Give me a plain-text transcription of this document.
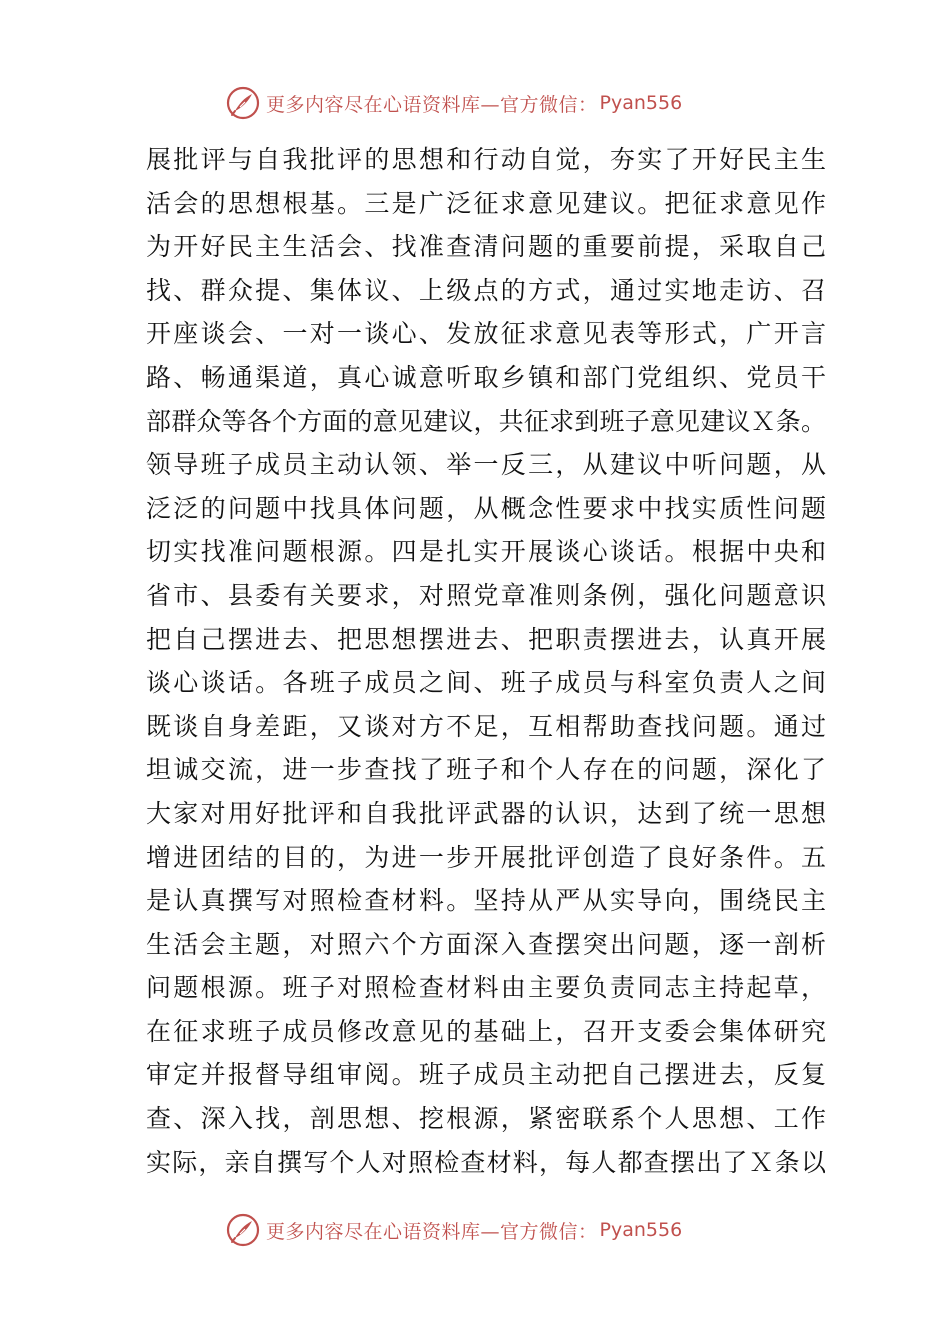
更多内容尽在心语资料库—官方微信： Pyan556
展批评与自我批评的思想和行动自觉，夯实了开好民主生
活会的思想根基。三是广泛征求意见建议。把征求意见作
为开好民主生活会、找准查清问题的重要前提，采取自己
找、群众提、集体议、上级点的方式，通过实地走访、召
开座谈会、一对一谈心、发放征求意见表等形式，广开言
路、畅通渠道，真心诚意听取乡镇和部门党组织、党员干
部群众等各个方面的意见建议，共征求到班子意见建议Ｘ条。
领导班子成员主动认领、举一反三，从建议中听问题，从
泛泛的问题中找具体问题，从概念性要求中找实质性问题
切实找准问题根源。四是扎实开展谈心谈话。根据中央和
省市、县委有关要求，对照党章准则条例，强化问题意识
把自己摆进去、把思想摆进去、把职责摆进去，认真开展
谈心谈话。各班子成员之间、班子成员与科室负责人之间
既谈自身差距，又谈对方不足，互相帮助查找问题。通过
坦诚交流，进一步查找了班子和个人存在的问题，深化了
大家对用好批评和自我批评武器的认识，达到了统一思想
增进团结的目的，为进一步开展批评创造了良好条件。五
是认真撰写对照检查材料。坚持从严从实导向，围绕民主
生活会主题，对照六个方面深入查摆突出问题，逐一剖析
问题根源。班子对照检查材料由主要负责同志主持起草，
在征求班子成员修改意见的基础上，召开支委会集体研究
审定并报督导组审阅。班子成员主动把自己摆进去，反复
查、深入找，剖思想、挖根源，紧密联系个人思想、工作
实际，亲自撰写个人对照检查材料，每人都查摆出了Ｘ条以
更多内容尽在心语资料库—官方微信： Pyan556
